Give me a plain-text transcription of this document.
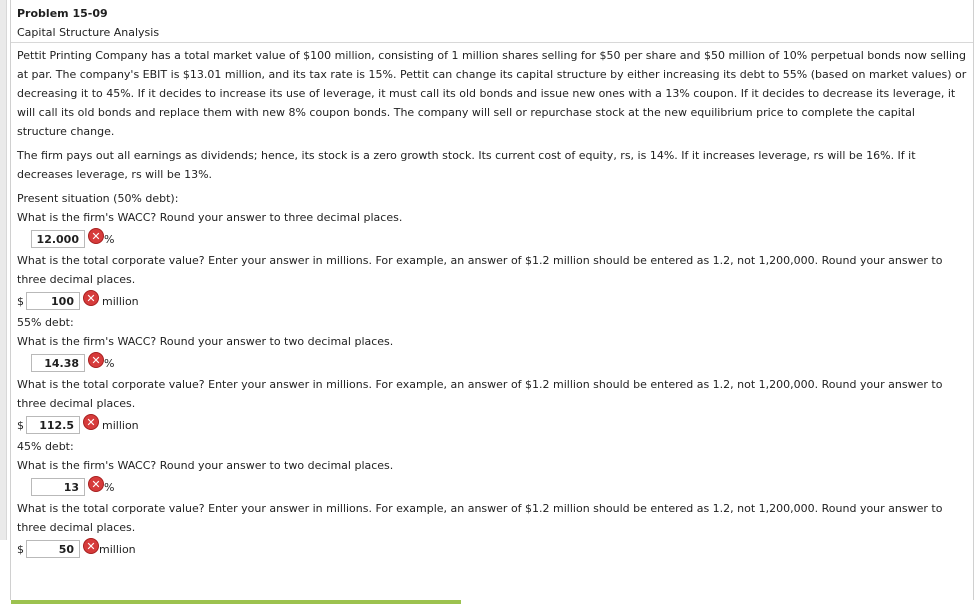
Problem 15-09
Capital Structure Analysis

Pettit Printing Company has a total market value of $100 million, consisting of 1 million shares selling for $50 per share and $50 million of 10% perpetual bonds now selling at par. The company's EBIT is $13.01 million, and its tax rate is 15%. Pettit can change its capital structure by either increasing its debt to 55% (based on market values) or decreasing it to 45%. If it decides to increase its use of leverage, it must call its old bonds and issue new ones with a 13% coupon. If it decides to decrease its leverage, it will call its old bonds and replace them with new 8% coupon bonds. The company will sell or repurchase stock at the new equilibrium price to complete the capital structure change.

The firm pays out all earnings as dividends; hence, its stock is a zero growth stock. Its current cost of equity, rs, is 14%. If it increases leverage, rs will be 16%. If it decreases leverage, rs will be 13%.

Present situation (50% debt):
What is the firm's WACC? Round your answer to three decimal places.
12.000	✕ %
What is the total corporate value? Enter your answer in millions. For example, an answer of $1.2 million should be entered as 1.2, not 1,200,000. Round your answer to three decimal places.
$	100	✕ million
55% debt:
What is the firm's WACC? Round your answer to two decimal places.
14.38	✕ %
What is the total corporate value? Enter your answer in millions. For example, an answer of $1.2 million should be entered as 1.2, not 1,200,000. Round your answer to three decimal places.
$	112.5	✕ million
45% debt:
What is the firm's WACC? Round your answer to two decimal places.
13	✕ %
What is the total corporate value? Enter your answer in millions. For example, an answer of $1.2 million should be entered as 1.2, not 1,200,000. Round your answer to three decimal places.
$	50	✕ million
